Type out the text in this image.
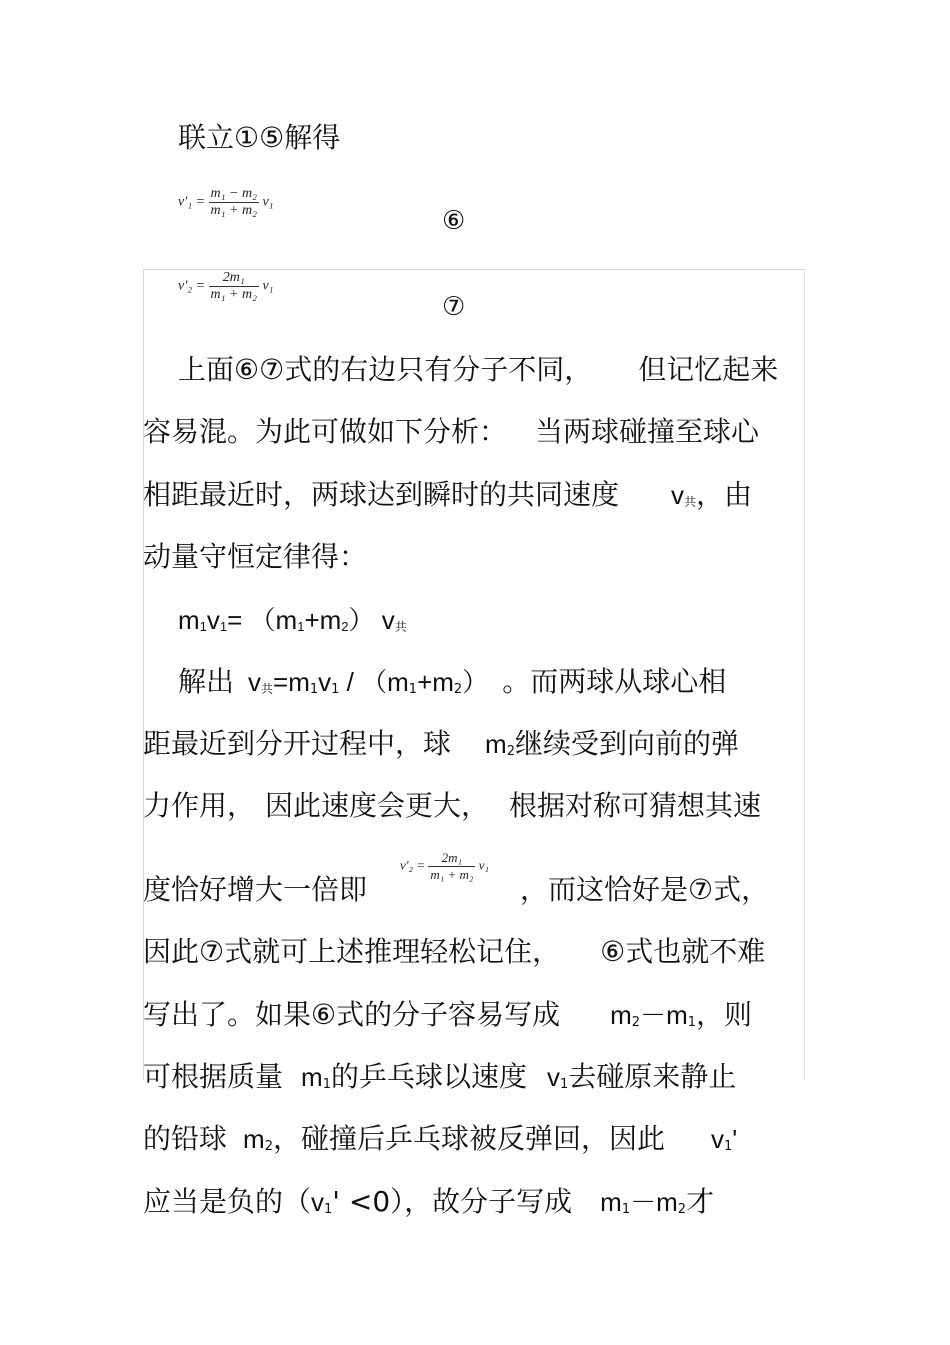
联立①⑤解得
$v'_1 = \frac{\text{m₁ − m₂}}{\text{m₁ + m₂}} v_1$
⑥
$v'_2 = \frac{\text{2m₁}}{\text{m₁ + m₂}} v_1$
⑦
上面⑥⑦式的右边只有分子不同， 但记忆起来
容易混。为此可做如下分析： 当两球碰撞至球心
相距最近时，两球达到瞬时的共同速度 v共，由
动量守恒定律得：
m1v1= （m1+m2） v共
解出 v共=m1v1 / （m1+m2） 。而两球从球心相
距最近到分开过程中，球 m2继续受到向前的弹
力作用， 因此速度会更大， 根据对称可猜想其速
度恰好增大一倍即
$v'_2 = \frac{\text{2m₁}}{\text{m₁ + m₂}} v_1$
，而这恰好是⑦式，
因此⑦式就可上述推理轻松记住， ⑥式也就不难
写出了。如果⑥式的分子容易写成 m2－m1，则
可根据质量 m1的乒乓球以速度 v1去碰原来静止
的铅球 m2，碰撞后乒乓球被反弹回，因此 v1'
应当是负的（v1' <0），故分子写成 m1－m2才
